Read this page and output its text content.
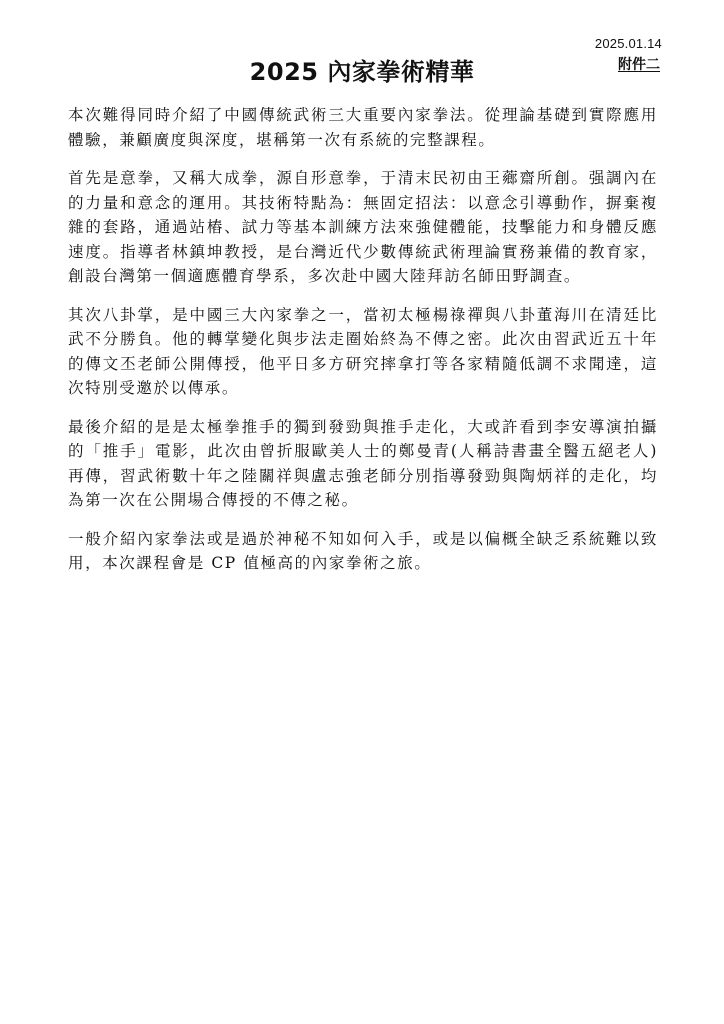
2025.01.14
附件二
2025 內家拳術精華

本次難得同時介紹了中國傳統武術三大重要內家拳法。從理論基礎到實際應用體驗，兼顧廣度與深度，堪稱第一次有系統的完整課程。

首先是意拳，又稱大成拳，源自形意拳，于清末民初由王薌齋所創。强調內在的力量和意念的運用。其技術特點為：無固定招法：以意念引導動作，摒棄複雜的套路，通過站樁、試力等基本訓練方法來強健體能，技擊能力和身體反應速度。指導者林鎮坤教授，是台灣近代少數傳統武術理論實務兼備的教育家，創設台灣第一個適應體育學系，多次赴中國大陸拜訪名師田野調查。

其次八卦掌，是中國三大內家拳之一，當初太極楊祿禪與八卦董海川在清廷比武不分勝負。他的轉掌變化與步法走圈始終為不傳之密。此次由習武近五十年的傳文丕老師公開傳授，他平日多方研究摔拿打等各家精隨低調不求聞達，這次特別受邀於以傳承。

最後介紹的是是太極拳推手的獨到發勁與推手走化，大或許看到李安導演拍攝的「推手」電影，此次由曾折服歐美人士的鄭曼青(人稱詩書畫全醫五絕老人)再傳，習武術數十年之陸關祥與盧志強老師分別指導發勁與陶炳祥的走化，均為第一次在公開場合傳授的不傳之秘。

一般介紹內家拳法或是過於神秘不知如何入手，或是以偏概全缺乏系統難以致用，本次課程會是 CP 值極高的內家拳術之旅。
